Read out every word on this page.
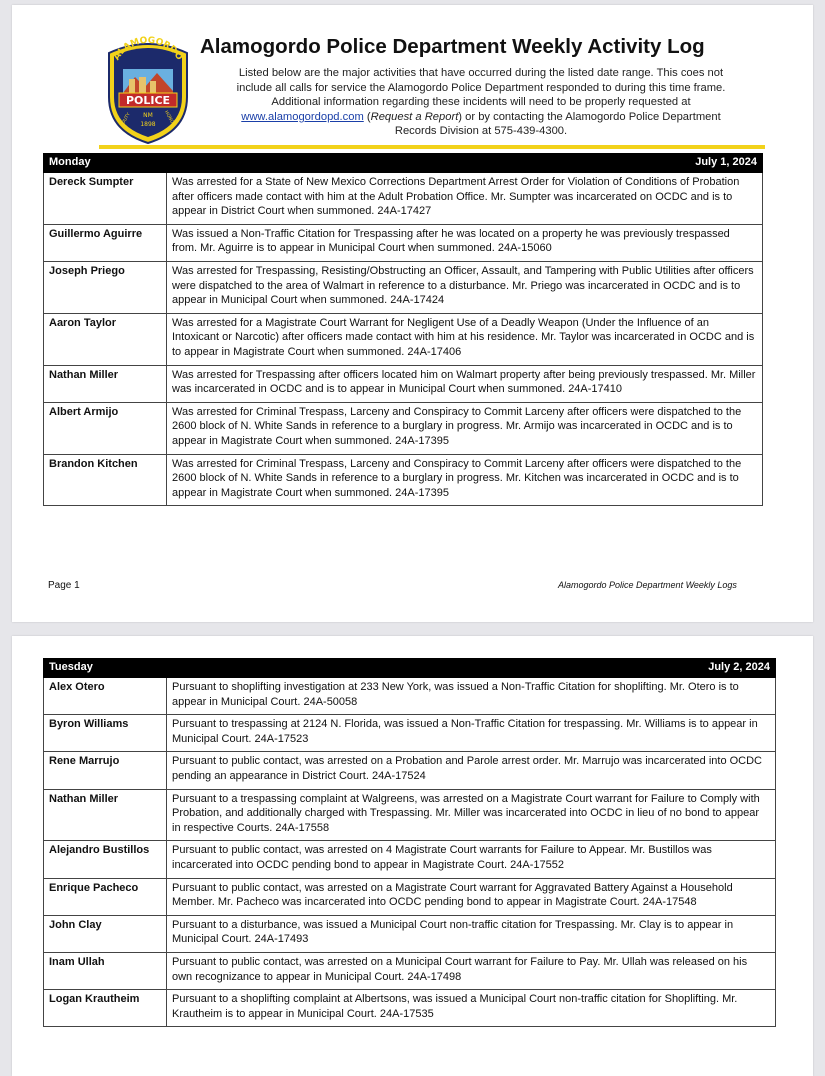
ALAMOGORDO
POLICE
NM
1898
DUTY	HONOR
Alamogordo Police Department Weekly Activity Log
Listed below are the major activities that have occurred during the listed date range. This coes not
include all calls for service the Alamogordo Police Department responded to during this time frame.
Additional information regarding these incidents will need to be properly requested at
www.alamogordopd.com (Request a Report) or by contacting the Alamogordo Police Department
Records Division at 575-439-4300.
Monday	July 1, 2024
Dereck Sumpter	Was arrested for a State of New Mexico Corrections Department Arrest Order for Violation of Conditions of Probation after officers made contact with him at the Adult Probation Office. Mr. Sumpter was incarcerated on OCDC and is to appear in District Court when summoned. 24A-17427
Guillermo Aguirre	Was issued a Non-Traffic Citation for Trespassing after he was located on a property he was previously trespassed from. Mr. Aguirre is to appear in Municipal Court when summoned. 24A-15060
Joseph Priego	Was arrested for Trespassing, Resisting/Obstructing an Officer, Assault, and Tampering with Public Utilities after officers were dispatched to the area of Walmart in reference to a disturbance. Mr. Priego was incarcerated in OCDC and is to appear in Municipal Court when summoned. 24A-17424
Aaron Taylor	Was arrested for a Magistrate Court Warrant for Negligent Use of a Deadly Weapon (Under the Influence of an Intoxicant or Narcotic) after officers made contact with him at his residence. Mr. Taylor was incarcerated in OCDC and is to appear in Magistrate Court when summoned. 24A-17406
Nathan Miller	Was arrested for Trespassing after officers located him on Walmart property after being previously trespassed. Mr. Miller was incarcerated in OCDC and is to appear in Municipal Court when summoned. 24A-17410
Albert Armijo	Was arrested for Criminal Trespass, Larceny and Conspiracy to Commit Larceny after officers were dispatched to the 2600 block of N. White Sands in reference to a burglary in progress. Mr. Armijo was incarcerated in OCDC and is to appear in Magistrate Court when summoned. 24A-17395
Brandon Kitchen	Was arrested for Criminal Trespass, Larceny and Conspiracy to Commit Larceny after officers were dispatched to the 2600 block of N. White Sands in reference to a burglary in progress. Mr. Kitchen was incarcerated in OCDC and is to appear in Magistrate Court when summoned. 24A-17395
Page 1	Alamogordo Police Department Weekly Logs
Tuesday	July 2, 2024
Alex Otero	Pursuant to shoplifting investigation at 233 New York, was issued a Non-Traffic Citation for shoplifting. Mr. Otero is to appear in Municipal Court. 24A-50058
Byron Williams	Pursuant to trespassing at 2124 N. Florida, was issued a Non-Traffic Citation for trespassing. Mr. Williams is to appear in Municipal Court. 24A-17523
Rene Marrujo	Pursuant to public contact, was arrested on a Probation and Parole arrest order. Mr. Marrujo was incarcerated into OCDC pending an appearance in District Court. 24A-17524
Nathan Miller	Pursuant to a trespassing complaint at Walgreens, was arrested on a Magistrate Court warrant for Failure to Comply with Probation, and additionally charged with Trespassing. Mr. Miller was incarcerated into OCDC in lieu of no bond to appear in respective Courts. 24A-17558
Alejandro Bustillos	Pursuant to public contact, was arrested on 4 Magistrate Court warrants for Failure to Appear. Mr. Bustillos was incarcerated into OCDC pending bond to appear in Magistrate Court. 24A-17552
Enrique Pacheco	Pursuant to public contact, was arrested on a Magistrate Court warrant for Aggravated Battery Against a Household Member. Mr. Pacheco was incarcerated into OCDC pending bond to appear in Magistrate Court. 24A-17548
John Clay	Pursuant to a disturbance, was issued a Municipal Court non-traffic citation for Trespassing. Mr. Clay is to appear in Municipal Court. 24A-17493
Inam Ullah	Pursuant to public contact, was arrested on a Municipal Court warrant for Failure to Pay. Mr. Ullah was released on his own recognizance to appear in Municipal Court. 24A-17498
Logan Krautheim	Pursuant to a shoplifting complaint at Albertsons, was issued a Municipal Court non-traffic citation for Shoplifting. Mr. Krautheim is to appear in Municipal Court. 24A-17535
